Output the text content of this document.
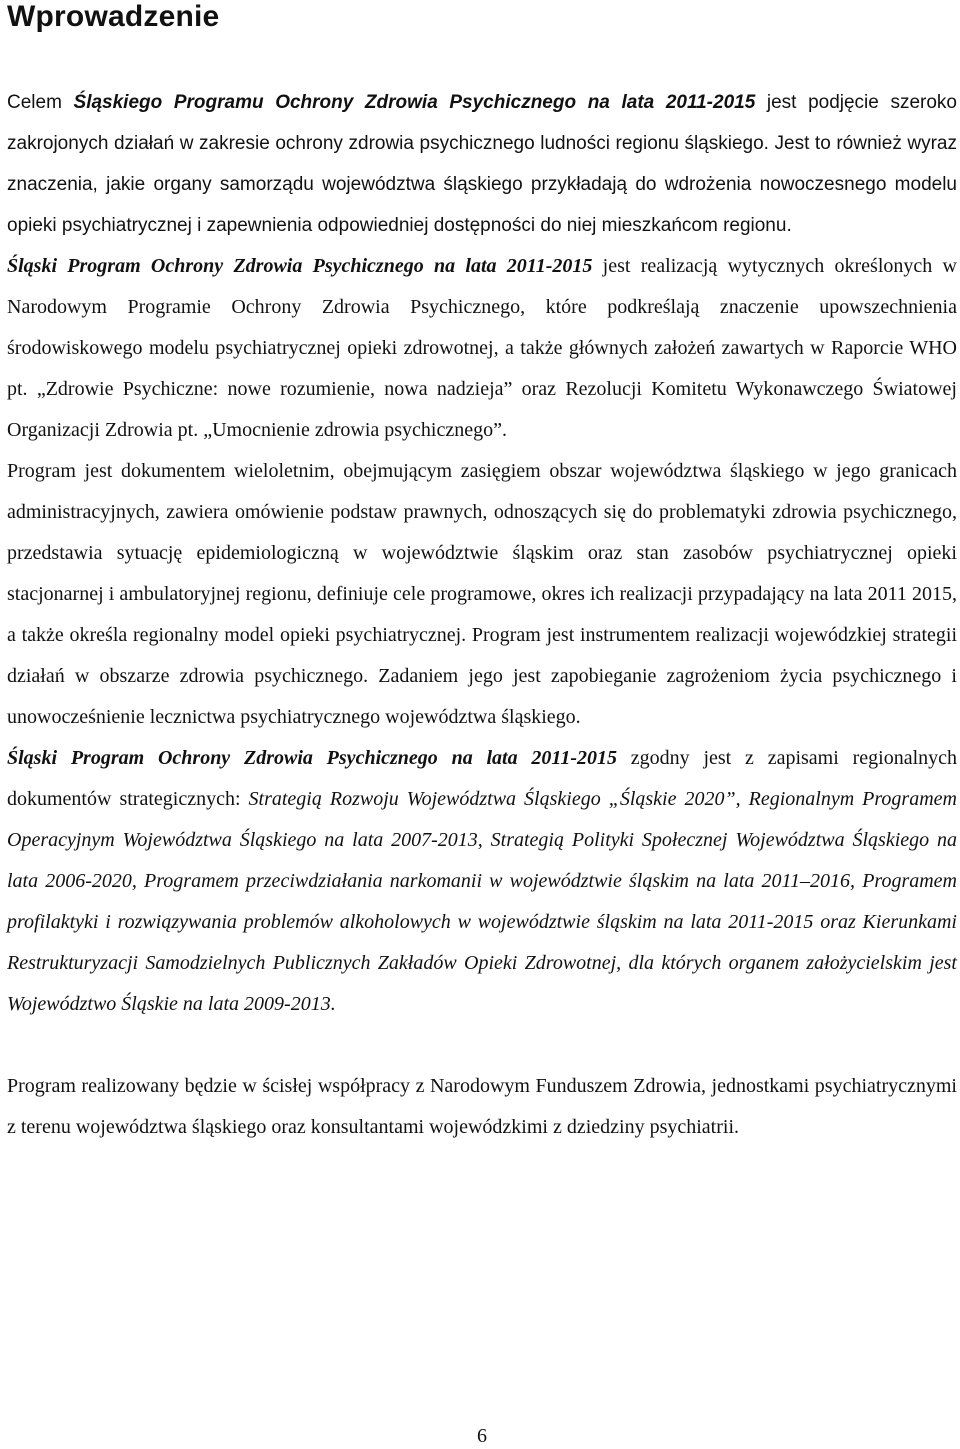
Wprowadzenie

Celem Śląskiego Programu Ochrony Zdrowia Psychicznego na lata 2011-2015 jest podjęcie szeroko zakrojonych działań w zakresie ochrony zdrowia psychicznego ludności regionu śląskiego. Jest to również wyraz znaczenia, jakie organy samorządu województwa śląskiego przykładają do wdrożenia nowoczesnego modelu opieki psychiatrycznej i zapewnienia odpowiedniej dostępności do niej mieszkańcom regionu.

Śląski Program Ochrony Zdrowia Psychicznego na lata 2011-2015 jest realizacją wytycznych określonych w Narodowym Programie Ochrony Zdrowia Psychicznego, które podkreślają znaczenie upowszechnienia środowiskowego modelu psychiatrycznej opieki zdrowotnej, a także głównych założeń zawartych w Raporcie WHO pt. „Zdrowie Psychiczne: nowe rozumienie, nowa nadzieja” oraz Rezolucji Komitetu Wykonawczego Światowej Organizacji Zdrowia pt. „Umocnienie zdrowia psychicznego”.

Program jest dokumentem wieloletnim, obejmującym zasięgiem obszar województwa śląskiego w jego granicach administracyjnych, zawiera omówienie podstaw prawnych, odnoszących się do problematyki zdrowia psychicznego, przedstawia sytuację epidemiologiczną w województwie śląskim oraz stan zasobów psychiatrycznej opieki stacjonarnej i ambulatoryjnej regionu, definiuje cele programowe, okres ich realizacji przypadający na lata 2011 2015, a także określa regionalny model opieki psychiatrycznej. Program jest instrumentem realizacji wojewódzkiej strategii działań w obszarze zdrowia psychicznego. Zadaniem jego jest zapobieganie zagrożeniom życia psychicznego i unowocześnienie lecznictwa psychiatrycznego województwa śląskiego.

Śląski Program Ochrony Zdrowia Psychicznego na lata 2011-2015 zgodny jest z zapisami regionalnych dokumentów strategicznych: Strategią Rozwoju Województwa Śląskiego „Śląskie 2020”, Regionalnym Programem Operacyjnym Województwa Śląskiego na lata 2007-2013, Strategią Polityki Społecznej Województwa Śląskiego na lata 2006-2020, Programem przeciwdziałania narkomanii w województwie śląskim na lata 2011–2016, Programem profilaktyki i rozwiązywania problemów alkoholowych w województwie śląskim na lata 2011-2015 oraz Kierunkami Restrukturyzacji Samodzielnych Publicznych Zakładów Opieki Zdrowotnej, dla których organem założycielskim jest Województwo Śląskie na lata 2009-2013.

Program realizowany będzie w ścisłej współpracy z Narodowym Funduszem Zdrowia, jednostkami psychiatrycznymi z terenu województwa śląskiego oraz konsultantami wojewódzkimi z dziedziny psychiatrii.

6
